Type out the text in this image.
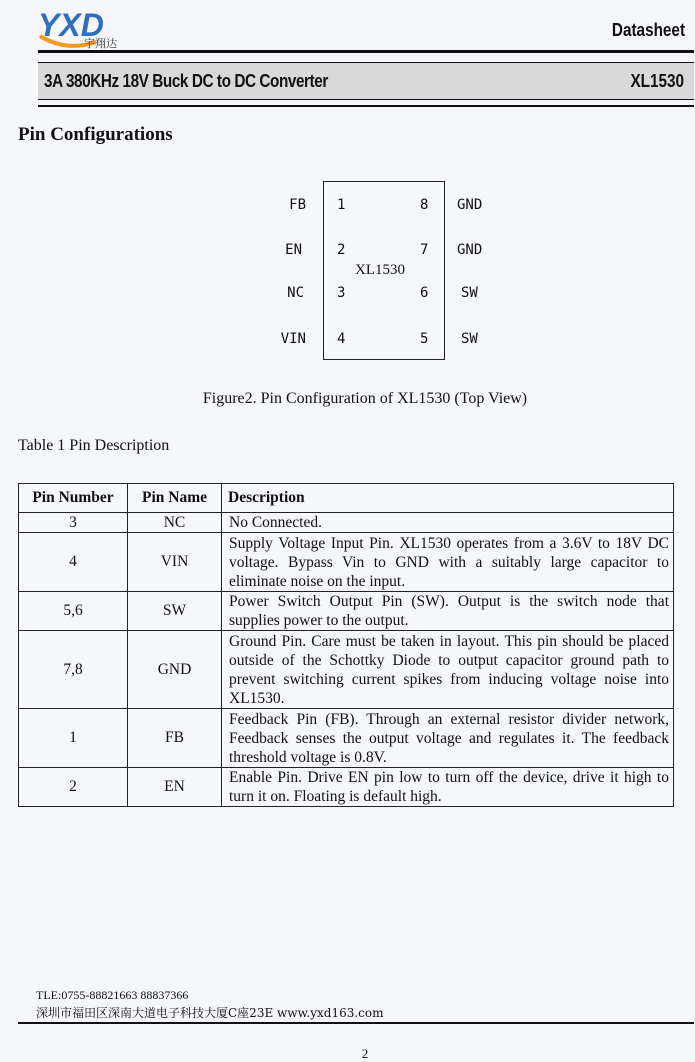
YXD
宇翔达
Datasheet
3A 380KHz 18V Buck DC to DC Converter	XL1530
Pin Configurations
XL1530
FB
EN
NC
VIN
1
2
3
4
8
7
6
5
GND
GND
SW
SW
Figure2. Pin Configuration of XL1530 (Top View)
Table 1 Pin Description
Pin Number	Pin Name	Description
3	NC	No Connected.
4	VIN	Supply Voltage Input Pin. XL1530 operates from a 3.6V to 18V DC voltage. Bypass Vin to GND with a suitably large capacitor to eliminate noise on the input.
5,6	SW	Power Switch Output Pin (SW). Output is the switch node that supplies power to the output.
7,8	GND	Ground Pin. Care must be taken in layout. This pin should be placed outside of the Schottky Diode to output capacitor ground path to prevent switching current spikes from inducing voltage noise into XL1530.
1	FB	Feedback Pin (FB). Through an external resistor divider network, Feedback senses the output voltage and regulates it. The feedback threshold voltage is 0.8V.
2	EN	Enable Pin. Drive EN pin low to turn off the device, drive it high to turn it on. Floating is default high.
TLE:0755-88821663 88837366
深圳市福田区深南大道电子科技大厦C座23E www.yxd163.com
2
